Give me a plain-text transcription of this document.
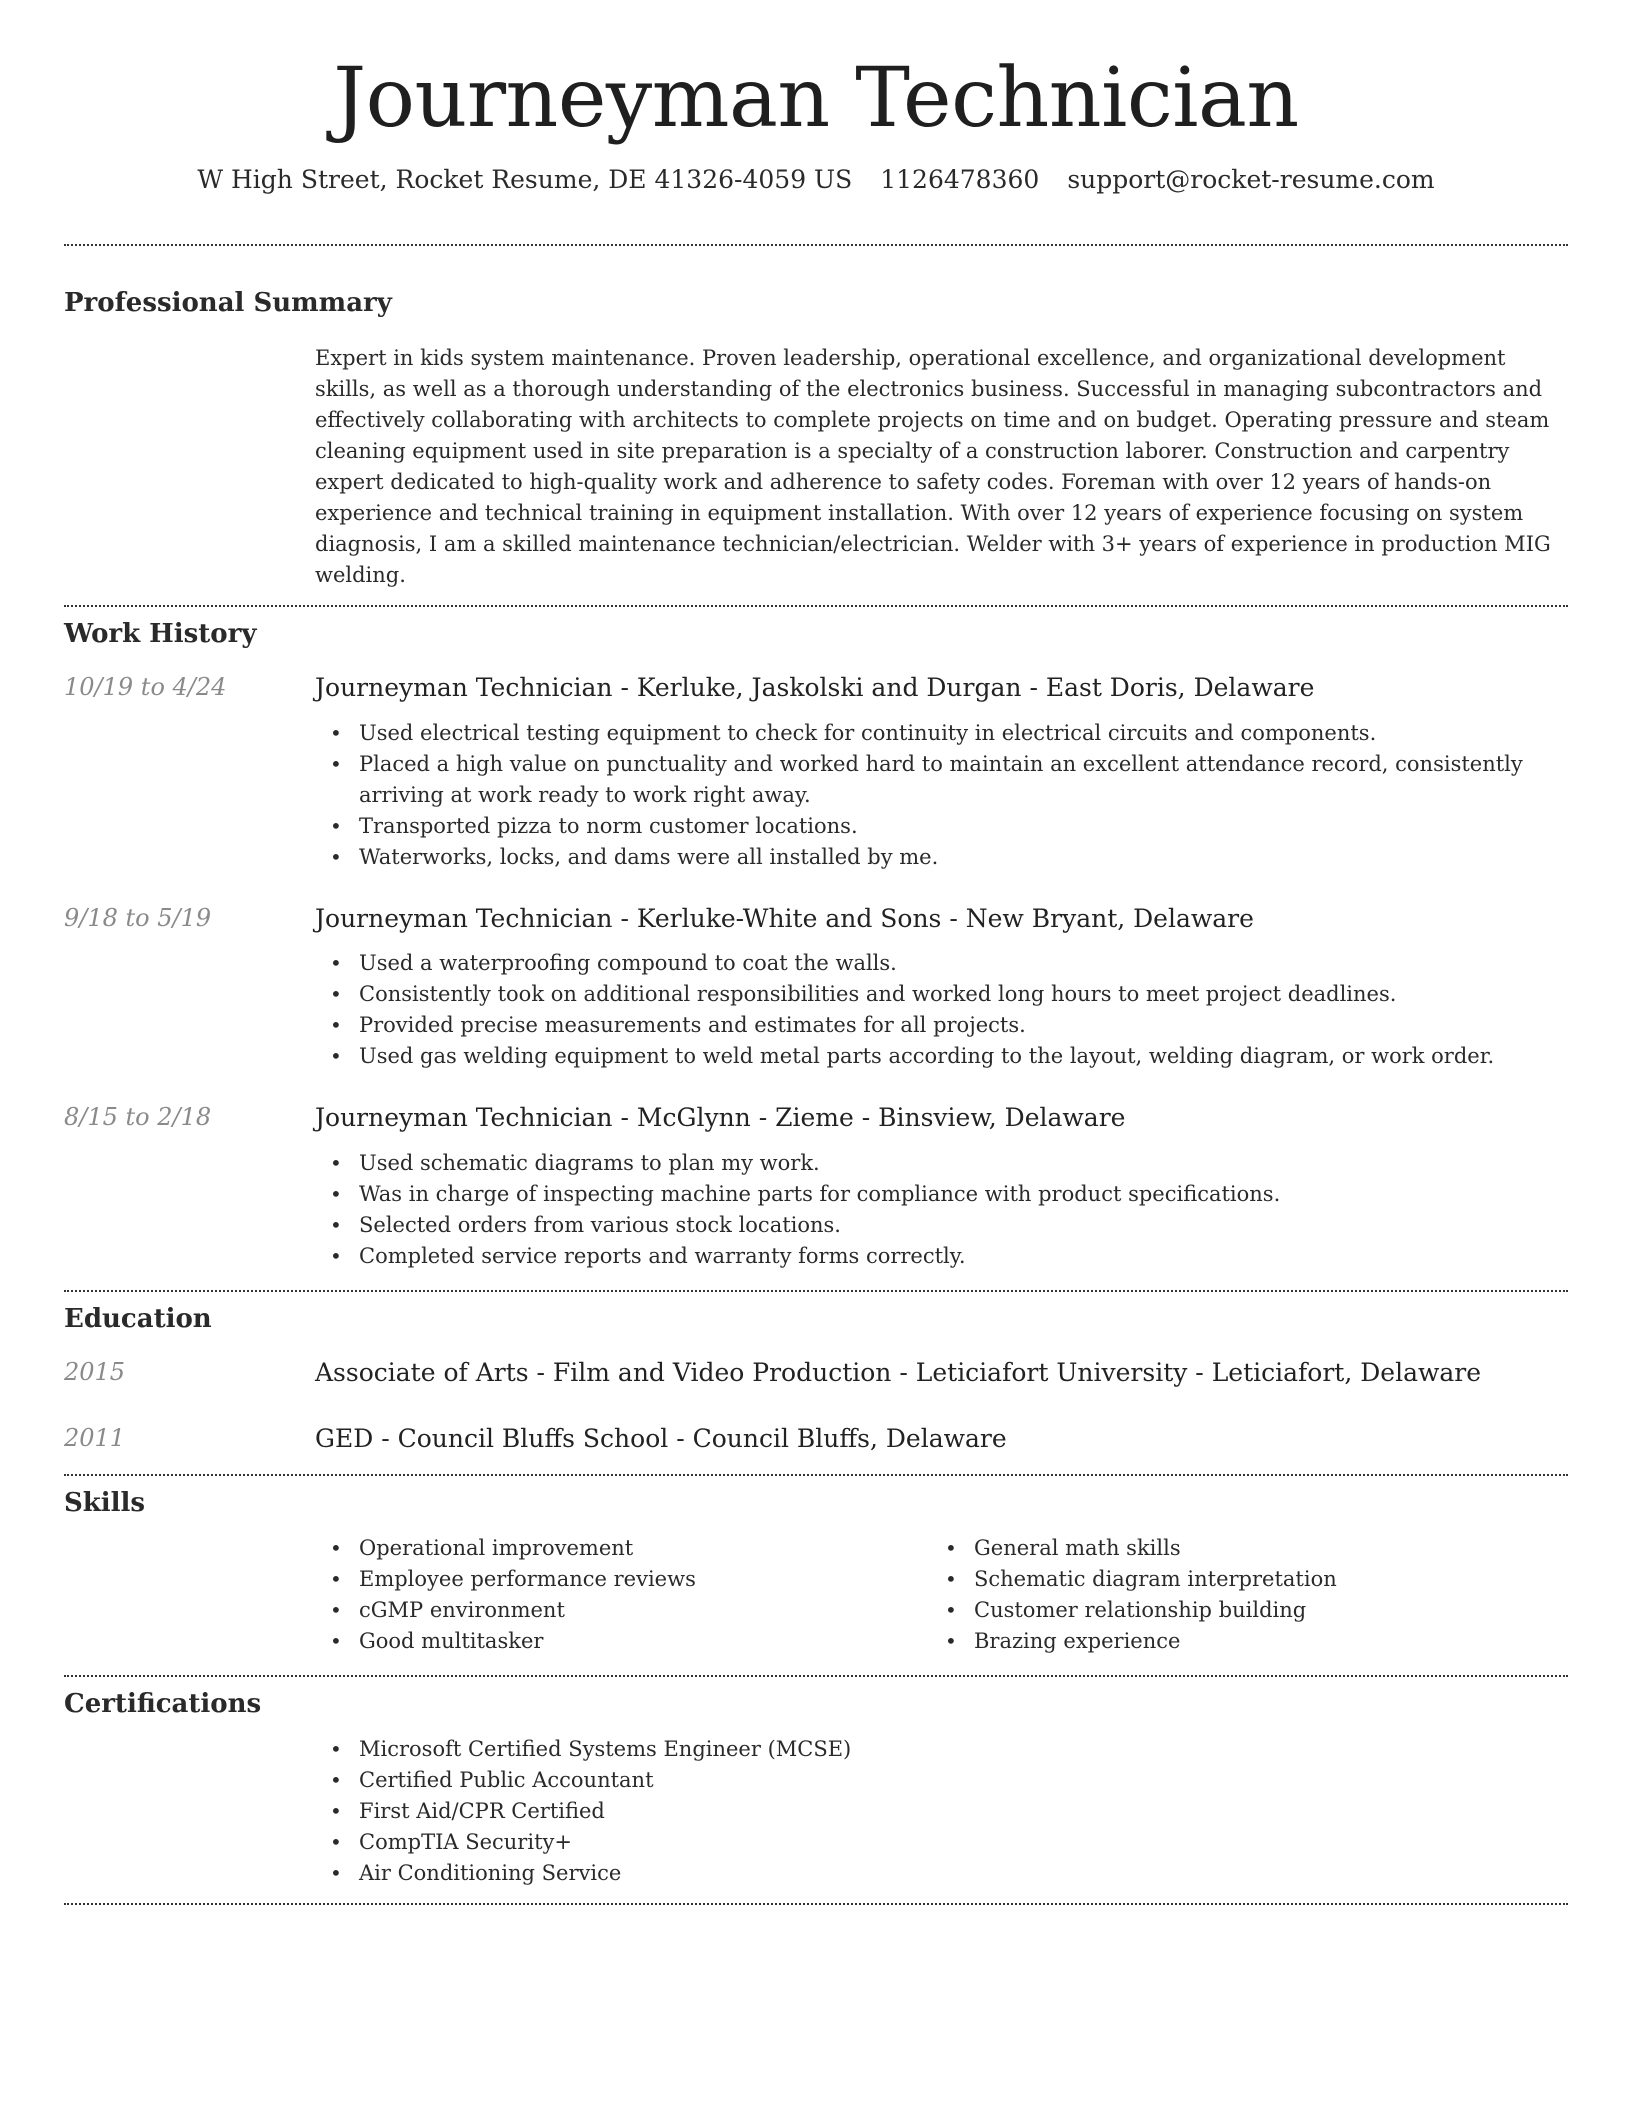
Journeyman Technician
W High Street, Rocket Resume, DE 41326-4059 US 1126478360 support@rocket-resume.com
Professional Summary

Expert in kids system maintenance. Proven leadership, operational excellence, and organizational development skills, as well as a thorough understanding of the electronics business. Successful in managing subcontractors and effectively collaborating with architects to complete projects on time and on budget. Operating pressure and steam cleaning equipment used in site preparation is a specialty of a construction laborer. Construction and carpentry expert dedicated to high-quality work and adherence to safety codes. Foreman with over 12 years of hands-on experience and technical training in equipment installation. With over 12 years of experience focusing on system diagnosis, I am a skilled maintenance technician/electrician. Welder with 3+ years of experience in production MIG welding.

Work History
10/19 to 4/24	Journeyman Technician - Kerluke, Jaskolski and Durgan - East Doris, Delaware
• Used electrical testing equipment to check for continuity in electrical circuits and components.
• Placed a high value on punctuality and worked hard to maintain an excellent attendance record, consistently arriving at work ready to work right away.
• Transported pizza to norm customer locations.
• Waterworks, locks, and dams were all installed by me.
9/18 to 5/19	Journeyman Technician - Kerluke-White and Sons - New Bryant, Delaware
• Used a waterproofing compound to coat the walls.
• Consistently took on additional responsibilities and worked long hours to meet project deadlines.
• Provided precise measurements and estimates for all projects.
• Used gas welding equipment to weld metal parts according to the layout, welding diagram, or work order.
8/15 to 2/18	Journeyman Technician - McGlynn - Zieme - Binsview, Delaware
• Used schematic diagrams to plan my work.
• Was in charge of inspecting machine parts for compliance with product specifications.
• Selected orders from various stock locations.
• Completed service reports and warranty forms correctly.
Education
2015	Associate of Arts - Film and Video Production - Leticiafort University - Leticiafort, Delaware
2011	GED - Council Bluffs School - Council Bluffs, Delaware
Skills
• Operational improvement
• Employee performance reviews
• cGMP environment
• Good multitasker
• General math skills
• Schematic diagram interpretation
• Customer relationship building
• Brazing experience
Certifications
• Microsoft Certified Systems Engineer (MCSE)
• Certified Public Accountant
• First Aid/CPR Certified
• CompTIA Security+
• Air Conditioning Service
